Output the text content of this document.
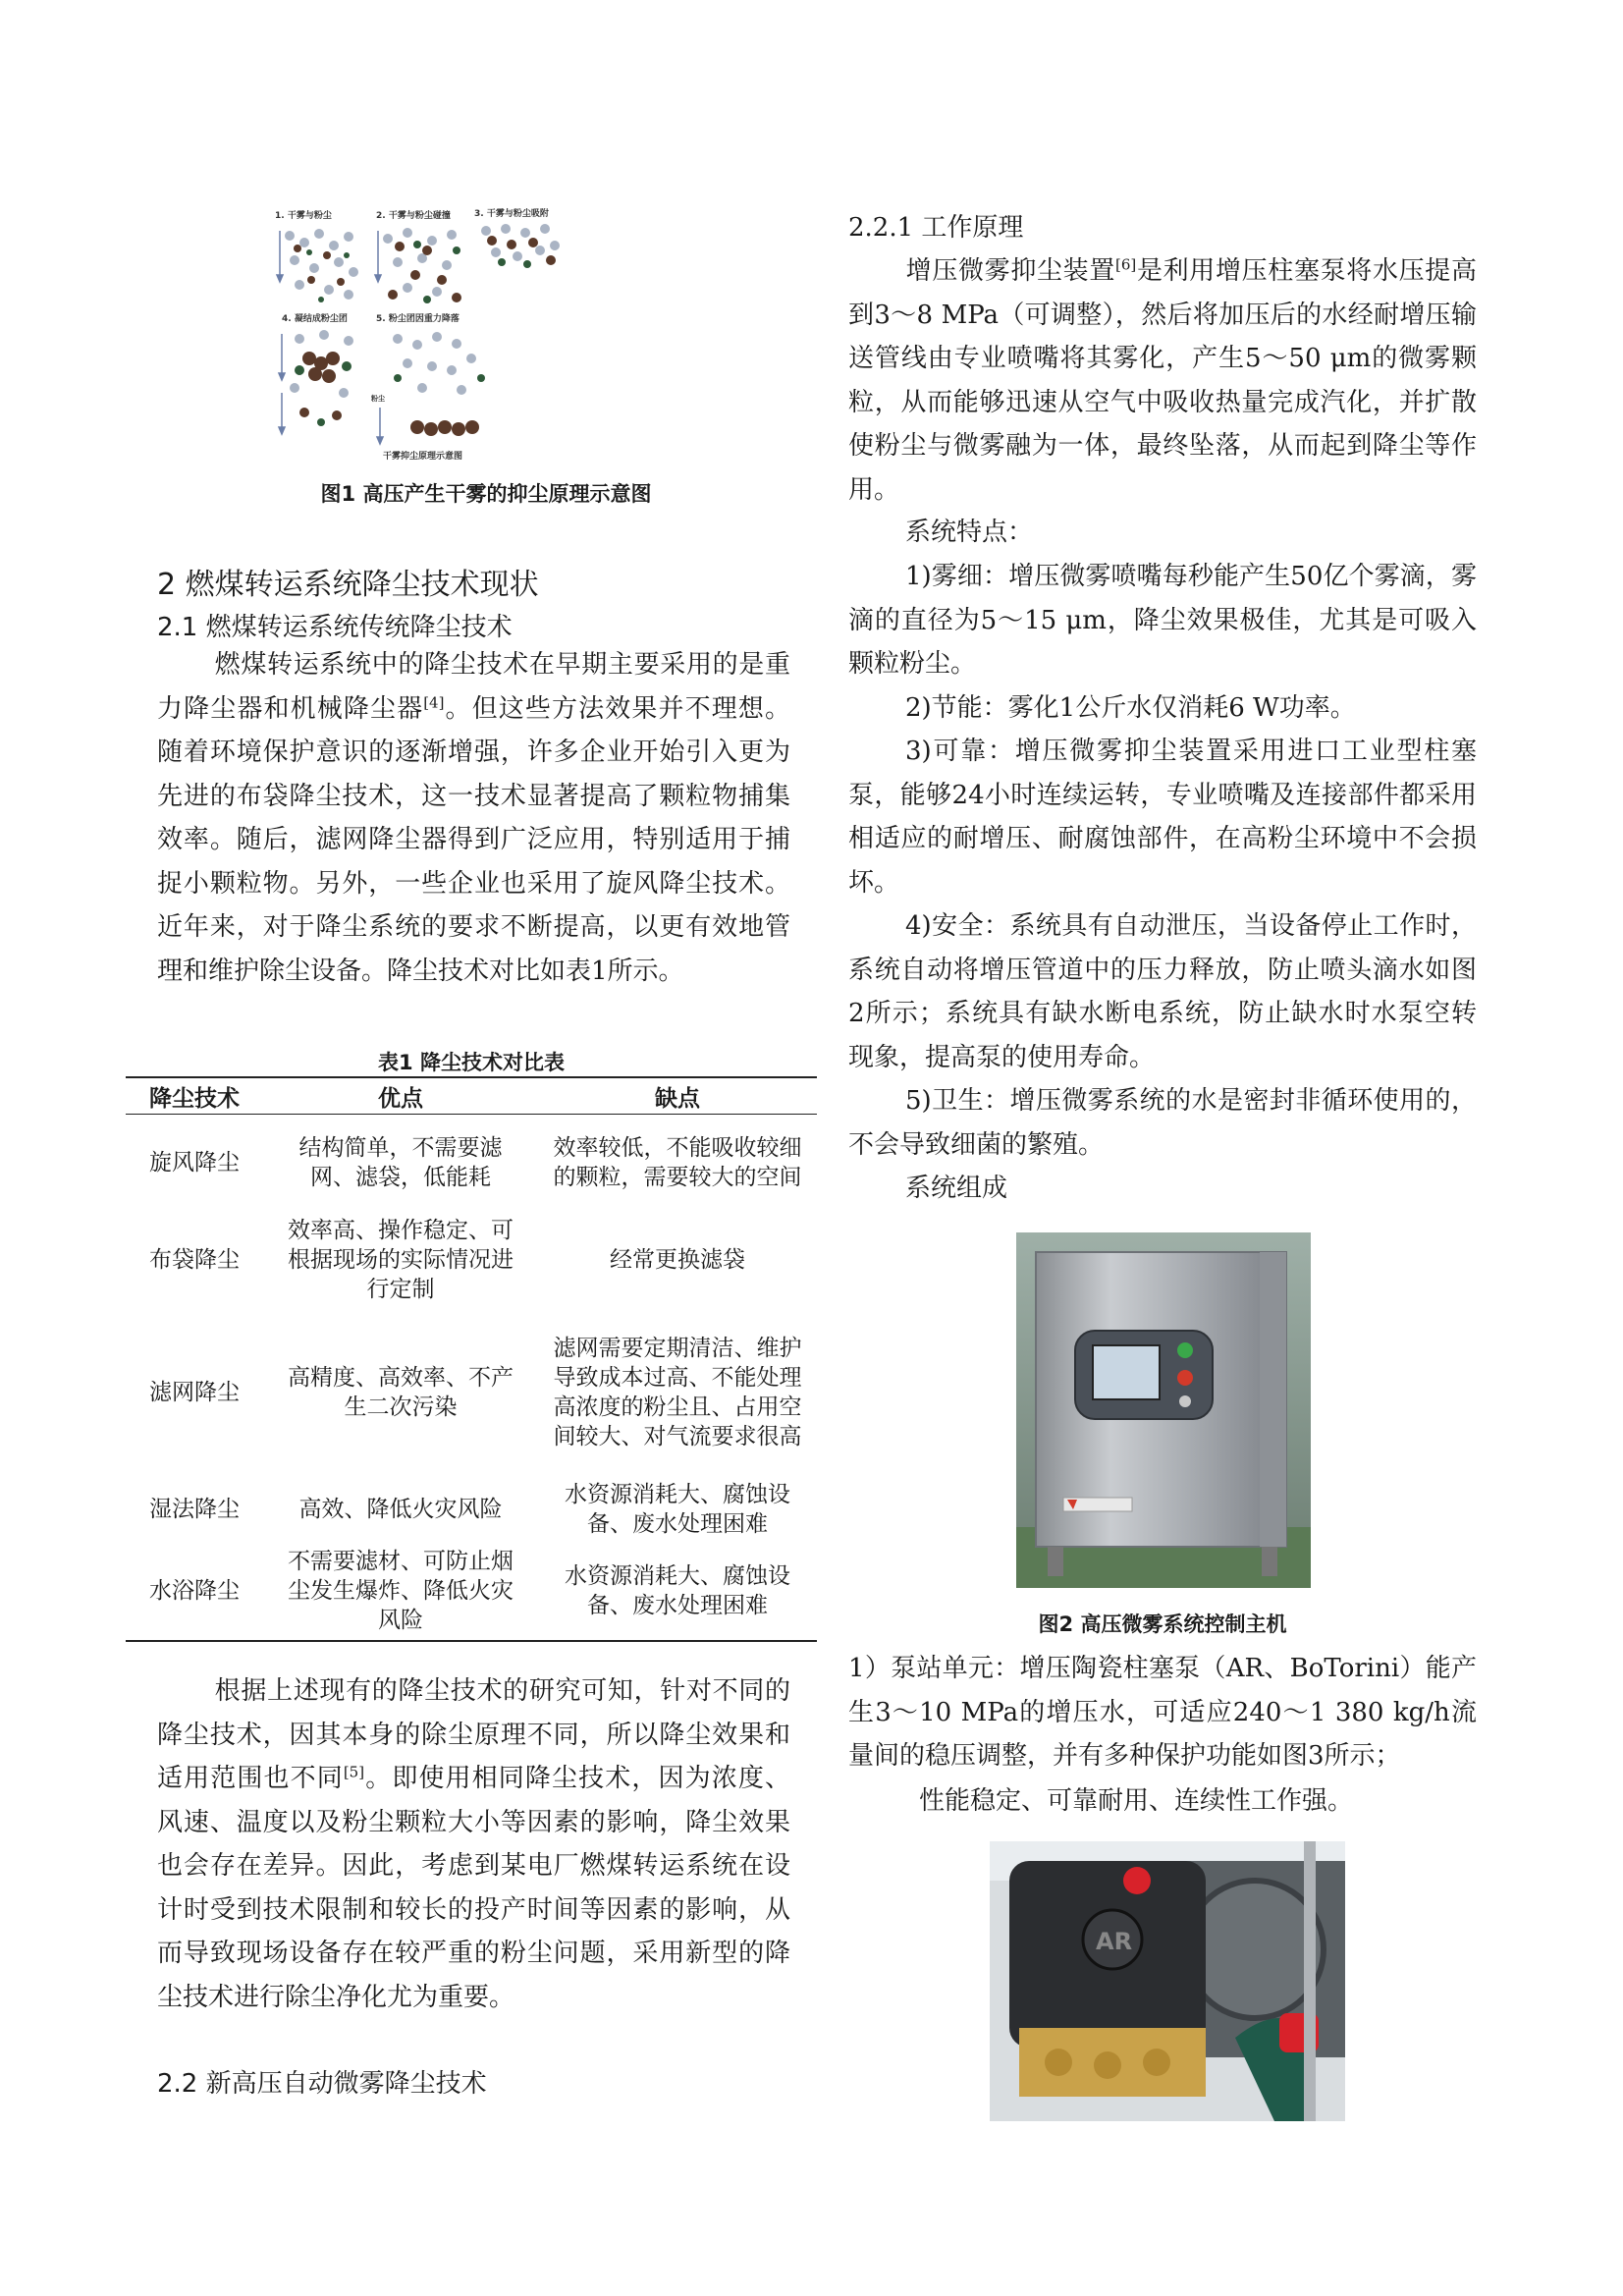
1. 干雾与粉尘	2. 干雾与粉尘碰撞	3. 干雾与粉尘吸附
4. 凝结成粉尘团	5. 粉尘团因重力降落
粉尘
干雾抑尘原理示意图
图1 高压产生干雾的抑尘原理示意图
2 燃煤转运系统降尘技术现状
2.1 燃煤转运系统传统降尘技术

燃煤转运系统中的降尘技术在早期主要采用的是重力降尘器和机械降尘器[4]。但这些方法效果并不理想。随着环境保护意识的逐渐增强，许多企业开始引入更为先进的布袋降尘技术，这一技术显著提高了颗粒物捕集效率。随后，滤网降尘器得到广泛应用，特别适用于捕捉小颗粒物。另外，一些企业也采用了旋风降尘技术。近年来，对于降尘系统的要求不断提高，以更有效地管理和维护除尘设备。降尘技术对比如表1所示。

表1 降尘技术对比表
降尘技术	优点	缺点
旋风降尘	结构简单，不需要滤网、滤袋，低能耗	效率较低，不能吸收较细的颗粒，需要较大的空间
布袋降尘	效率高、操作稳定、可根据现场的实际情况进行定制	经常更换滤袋
滤网降尘	高精度、高效率、不产生二次污染	滤网需要定期清洁、维护导致成本过高、不能处理高浓度的粉尘且、占用空间较大、对气流要求很高
湿法降尘	高效、降低火灾风险	水资源消耗大、腐蚀设备、废水处理困难
水浴降尘	不需要滤材、可防止烟尘发生爆炸、降低火灾风险	水资源消耗大、腐蚀设备、废水处理困难

根据上述现有的降尘技术的研究可知，针对不同的降尘技术，因其本身的除尘原理不同，所以降尘效果和适用范围也不同[5]。即使用相同降尘技术，因为浓度、风速、温度以及粉尘颗粒大小等因素的影响，降尘效果也会存在差异。因此，考虑到某电厂燃煤转运系统在设计时受到技术限制和较长的投产时间等因素的影响，从而导致现场设备存在较严重的粉尘问题，采用新型的降尘技术进行除尘净化尤为重要。

2.2 新高压自动微雾降尘技术
2.2.1 工作原理

增压微雾抑尘装置[6]是利用增压柱塞泵将水压提高到3～8 MPa（可调整），然后将加压后的水经耐增压输送管线由专业喷嘴将其雾化，产生5～50 μm的微雾颗粒，从而能够迅速从空气中吸收热量完成汽化，并扩散使粉尘与微雾融为一体，最终坠落，从而起到降尘等作用。

系统特点：

1)雾细：增压微雾喷嘴每秒能产生50亿个雾滴，雾滴的直径为5～15 μm，降尘效果极佳，尤其是可吸入颗粒粉尘。

2)节能：雾化1公斤水仅消耗6 W功率。

3)可靠：增压微雾抑尘装置采用进口工业型柱塞泵，能够24小时连续运转，专业喷嘴及连接部件都采用相适应的耐增压、耐腐蚀部件，在高粉尘环境中不会损坏。

4)安全：系统具有自动泄压，当设备停止工作时，系统自动将增压管道中的压力释放，防止喷头滴水如图2所示；系统具有缺水断电系统，防止缺水时水泵空转现象，提高泵的使用寿命。

5)卫生：增压微雾系统的水是密封非循环使用的，不会导致细菌的繁殖。

系统组成

图2 高压微雾系统控制主机

1）泵站单元：增压陶瓷柱塞泵（AR、BoTorini）能产生3～10 MPa的增压水，可适应240～1 380 kg/h流量间的稳压调整，并有多种保护功能如图3所示；

性能稳定、可靠耐用、连续性工作强。

AR
